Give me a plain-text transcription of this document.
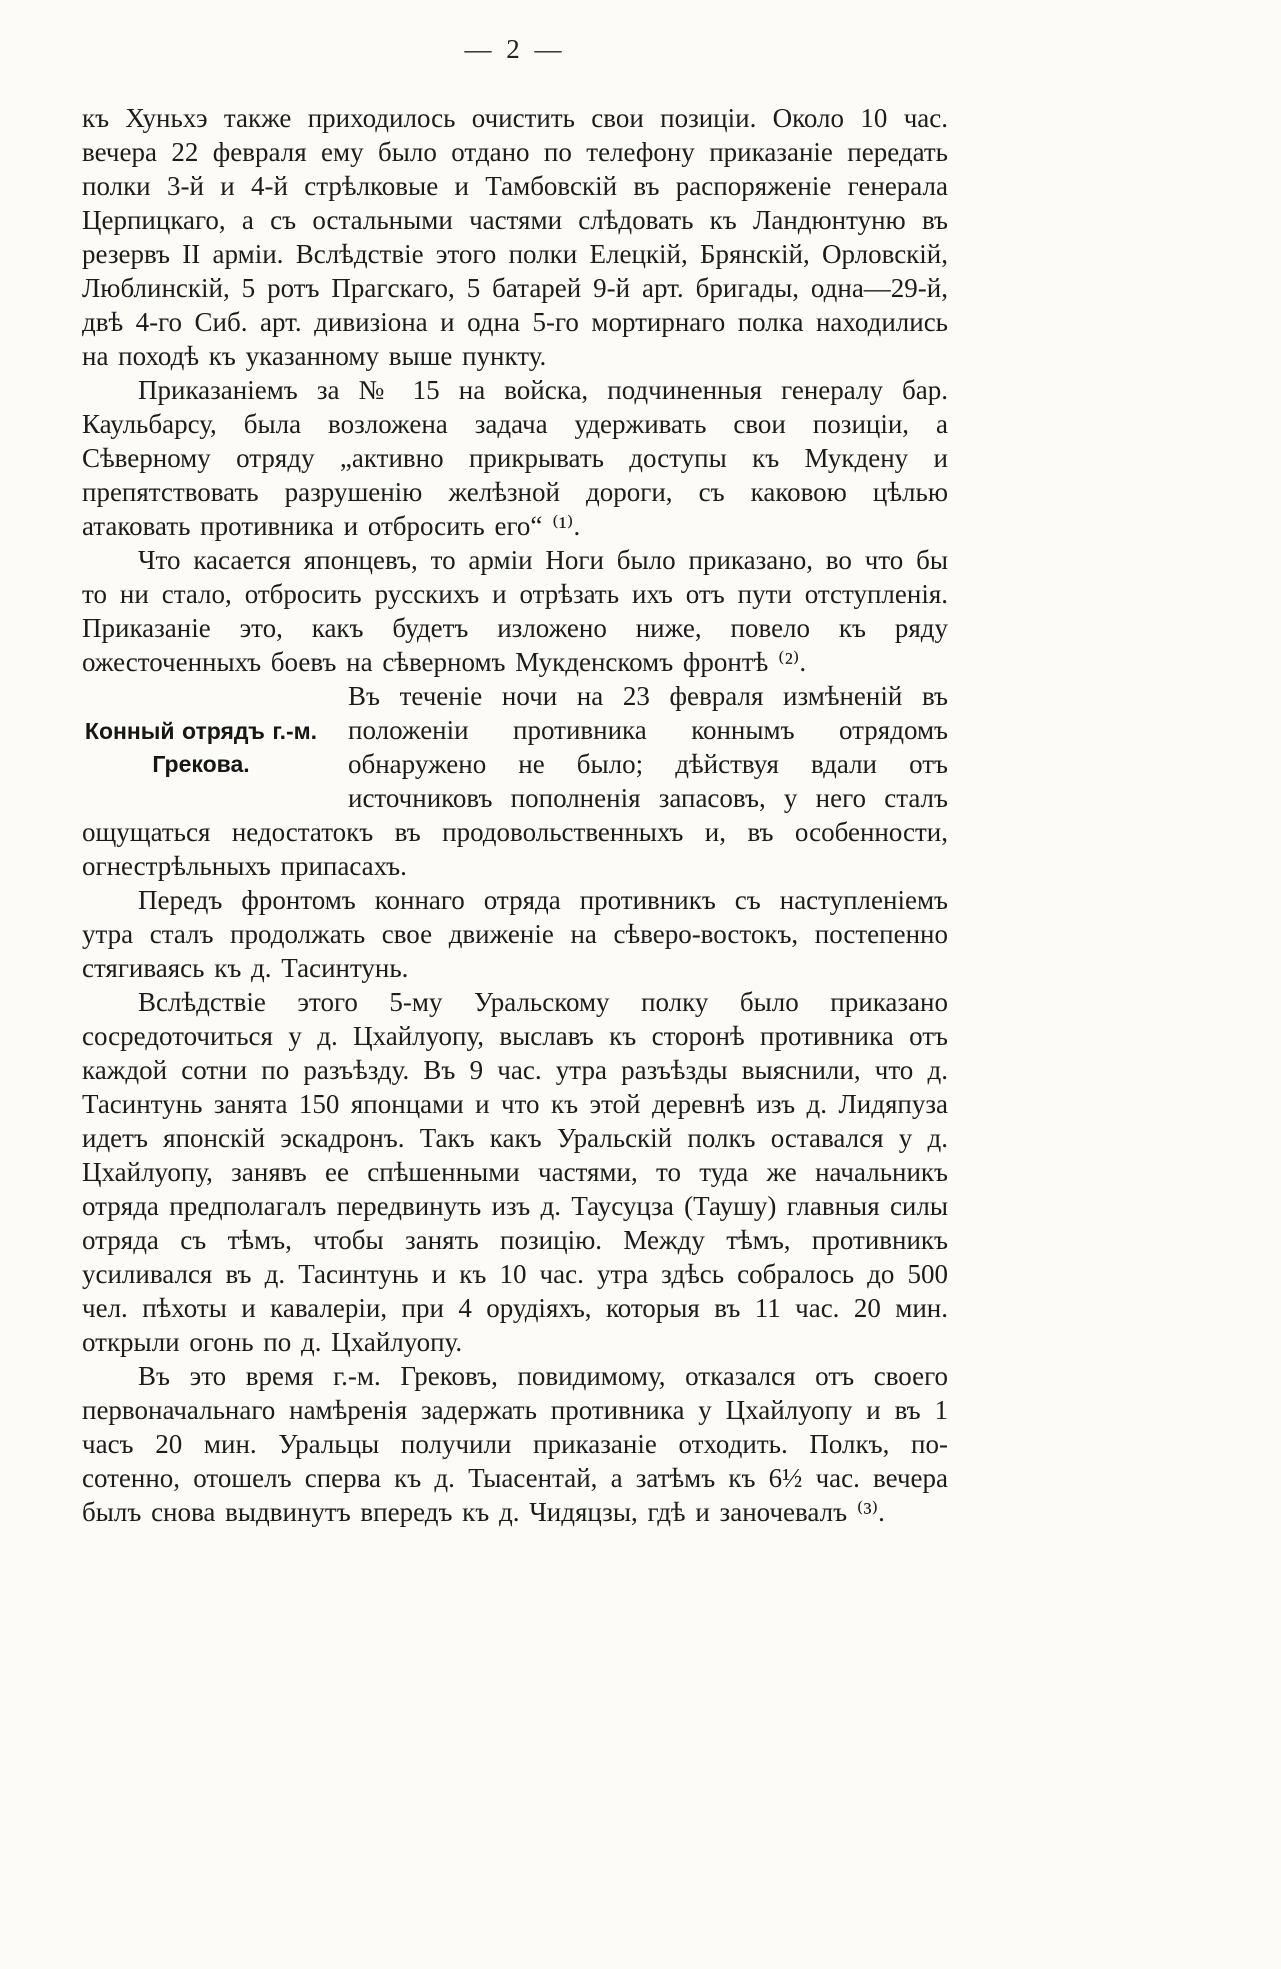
— 2 —

къ Хуньхэ также приходилось очистить свои позиціи. Около 10 час. вечера 22 февраля ему было отдано по телефону приказаніе передать полки 3-й и 4-й стрѣлковые и Тамбовскій въ распоряженіе генерала Церпицкаго, а съ остальными частями слѣдовать къ Ландюнтуню въ резервъ II арміи. Вслѣдствіе этого полки Елецкій, Брянскій, Орловскій, Люблинскій, 5 ротъ Прагскаго, 5 батарей 9-й арт. бригады, одна—29-й, двѣ 4-го Сиб. арт. дивизіона и одна 5-го мортирнаго полка находились на походѣ къ указанному выше пункту.

Приказаніемъ за № 15 на войска, подчиненныя генералу бар. Каульбарсу, была возложена задача удерживать свои позиціи, а Сѣверному отряду „активно прикрывать доступы къ Мукдену и препятствовать разрушенію желѣзной дороги, съ каковою цѣлью атаковать противника и отбросить его“ ⁽¹⁾.

Что касается японцевъ, то арміи Ноги было приказано, во что бы то ни стало, отбросить русскихъ и отрѣзать ихъ отъ пути отступленія. Приказаніе это, какъ будетъ изложено ниже, повело къ ряду ожесточенныхъ боевъ на сѣверномъ Мукденскомъ фронтѣ ⁽²⁾.

Конный отрядъ г.-м. Грекова.

Въ теченіе ночи на 23 февраля измѣненій въ положеніи противника коннымъ отрядомъ обнаружено не было; дѣйствуя вдали отъ источниковъ пополненія запасовъ, у него сталъ ощущаться недостатокъ въ продовольственныхъ и, въ особенности, огнестрѣльныхъ припасахъ.

Передъ фронтомъ коннаго отряда противникъ съ наступленіемъ утра сталъ продолжать свое движеніе на сѣверо-востокъ, постепенно стягиваясь къ д. Тасинтунь.

Вслѣдствіе этого 5-му Уральскому полку было приказано сосредоточиться у д. Цхайлуопу, выславъ къ сторонѣ противника отъ каждой сотни по разъѣзду. Въ 9 час. утра разъѣзды выяснили, что д. Тасинтунь занята 150 японцами и что къ этой деревнѣ изъ д. Лидяпуза идетъ японскій эскадронъ. Такъ какъ Уральскій полкъ оставался у д. Цхайлуопу, занявъ ее спѣшенными частями, то туда же начальникъ отряда предполагалъ передвинуть изъ д. Таусуцза (Таушу) главныя силы отряда съ тѣмъ, чтобы занять позицію. Между тѣмъ, противникъ усиливался въ д. Тасинтунь и къ 10 час. утра здѣсь собралось до 500 чел. пѣхоты и кавалеріи, при 4 орудіяхъ, которыя въ 11 час. 20 мин. открыли огонь по д. Цхайлуопу.

Въ это время г.-м. Грековъ, повидимому, отказался отъ своего первоначальнаго намѣренія задержать противника у Цхайлуопу и въ 1 часъ 20 мин. Уральцы получили приказаніе отходить. Полкъ, по-сотенно, отошелъ сперва къ д. Тыасентай, а затѣмъ къ 6½ час. вечера былъ снова выдвинутъ впередъ къ д. Чидяцзы, гдѣ и заночевалъ ⁽³⁾.
